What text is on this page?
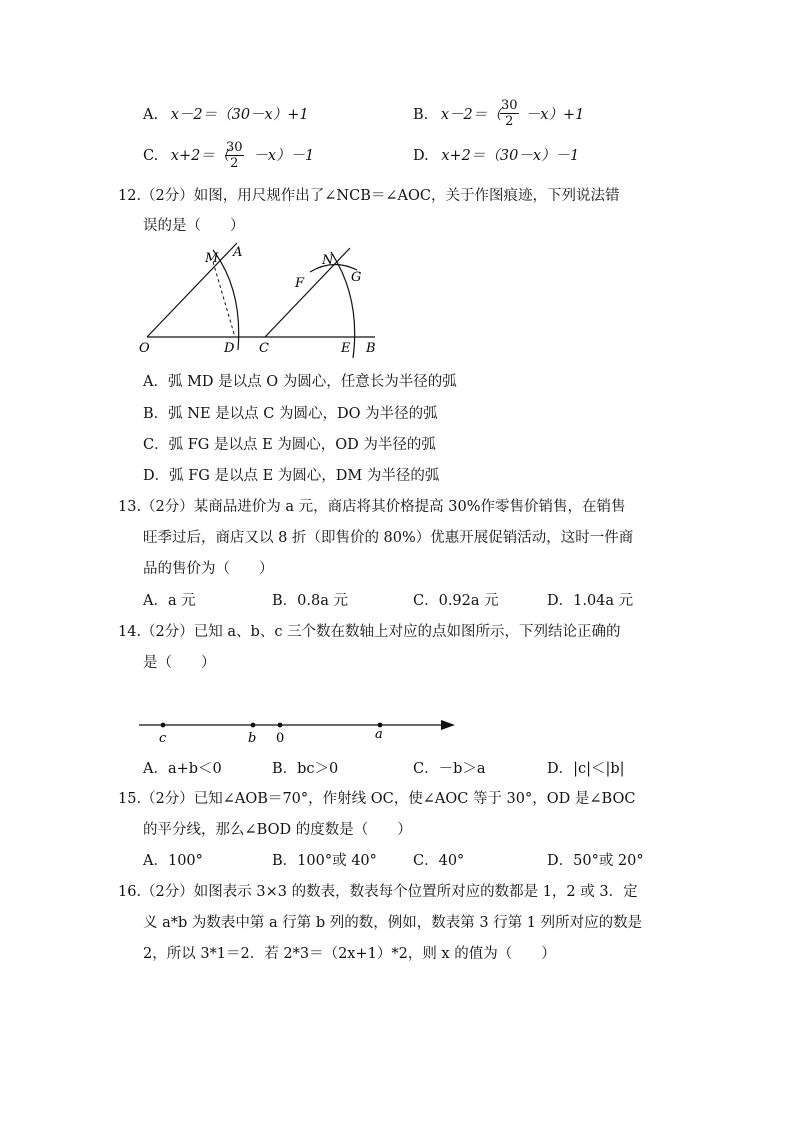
A. x－2＝（30－x）+1	B. x－2＝（ －x）+1
$\frac{30}{2}$
C. x+2＝（ －x）－1
$\frac{30}{2}$	D. x+2＝（30－x）－1
12.（2分）如图，用尺规作出了∠NCB＝∠AOC，关于作图痕迹，下列说法错
误的是（　　）
M A
N
G
F
O	D C	E B
A．弧 MD 是以点 O 为圆心，任意长为半径的弧
B．弧 NE 是以点 C 为圆心，DO 为半径的弧
C．弧 FG 是以点 E 为圆心，OD 为半径的弧
D．弧 FG 是以点 E 为圆心，DM 为半径的弧
13.（2分）某商品进价为 a 元，商店将其价格提高 30%作零售价销售，在销售
旺季过后，商店又以 8 折（即售价的 80%）优惠开展促销活动，这时一件商
品的售价为（　　）
A．a 元	B．0.8a 元	C．0.92a 元	D．1.04a 元
14.（2分）已知 a、b、c 三个数在数轴上对应的点如图所示，下列结论正确的
是（　　）
c	b 0	a
A．a+b＜0	B．bc＞0	C．－b＞a	D．|c|＜|b|
15.（2分）已知∠AOB＝70°，作射线 OC，使∠AOC 等于 30°，OD 是∠BOC
的平分线，那么∠BOD 的度数是（　　）
A．100°	B．100°或 40° C．40°	D．50°或 20°
16.（2分）如图表示 3×3 的数表，数表每个位置所对应的数都是 1，2 或 3．定
义 a*b 为数表中第 a 行第 b 列的数，例如，数表第 3 行第 1 列所对应的数是
2，所以 3*1＝2．若 2*3＝（2x+1）*2，则 x 的值为（　　）
